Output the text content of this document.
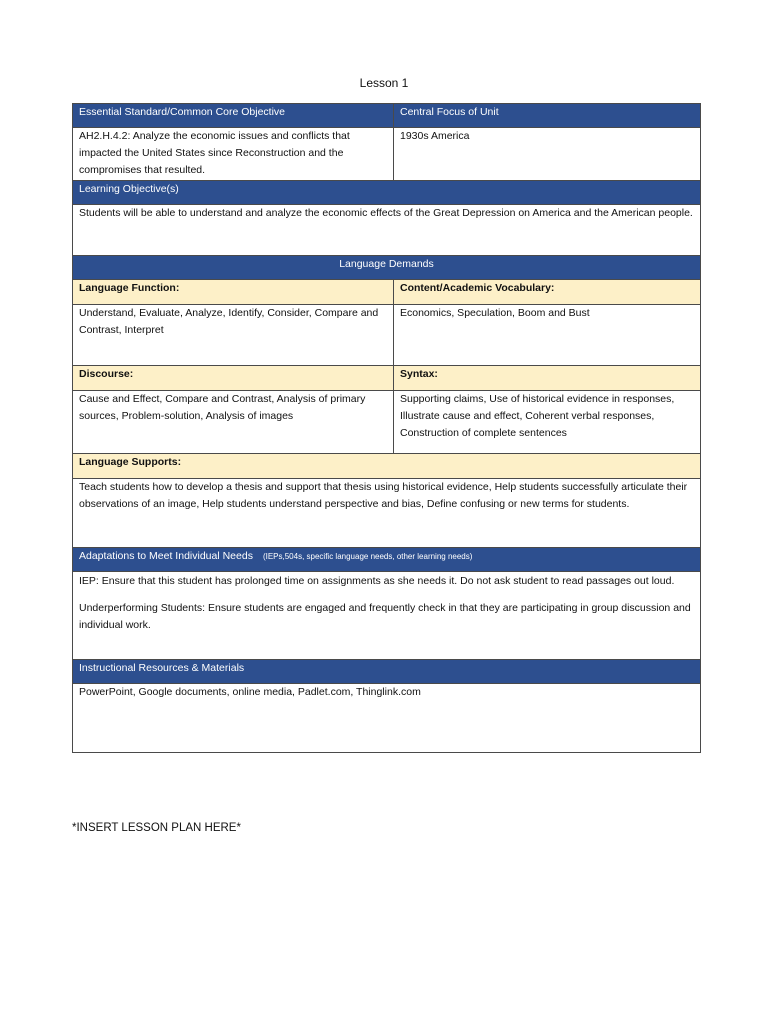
Lesson 1
Essential Standard/Common Core Objective	Central Focus of Unit
AH2.H.4.2: Analyze the economic issues and conflicts that impacted the United States since Reconstruction and the compromises that resulted.	1930s America
Learning Objective(s)	
Students will be able to understand and analyze the economic effects of the Great Depression on America and the American people.	
Language Demands	
Language Function:	Content/Academic Vocabulary:
Understand, Evaluate, Analyze, Identify, Consider, Compare and Contrast, Interpret	Economics, Speculation, Boom and Bust
Discourse:	Syntax:
Cause and Effect, Compare and Contrast, Analysis of primary sources, Problem-solution, Analysis of images	Supporting claims, Use of historical evidence in responses, Illustrate cause and effect, Coherent verbal responses, Construction of complete sentences
Language Supports:	
Teach students how to develop a thesis and support that thesis using historical evidence, Help students successfully articulate their observations of an image, Help students understand perspective and bias, Define confusing or new terms for students.	
Adaptations to Meet Individual Needs (IEPs,504s, specific language needs, other learning needs)	

IEP: Ensure that this student has prolonged time on assignments as she needs it. Do not ask student to read passages out loud.

Underperforming Students: Ensure students are engaged and frequently check in that they are participating in group discussion and individual work.	

Instructional Resources & Materials	
PowerPoint, Google documents, online media, Padlet.com, Thinglink.com	
*INSERT LESSON PLAN HERE*
